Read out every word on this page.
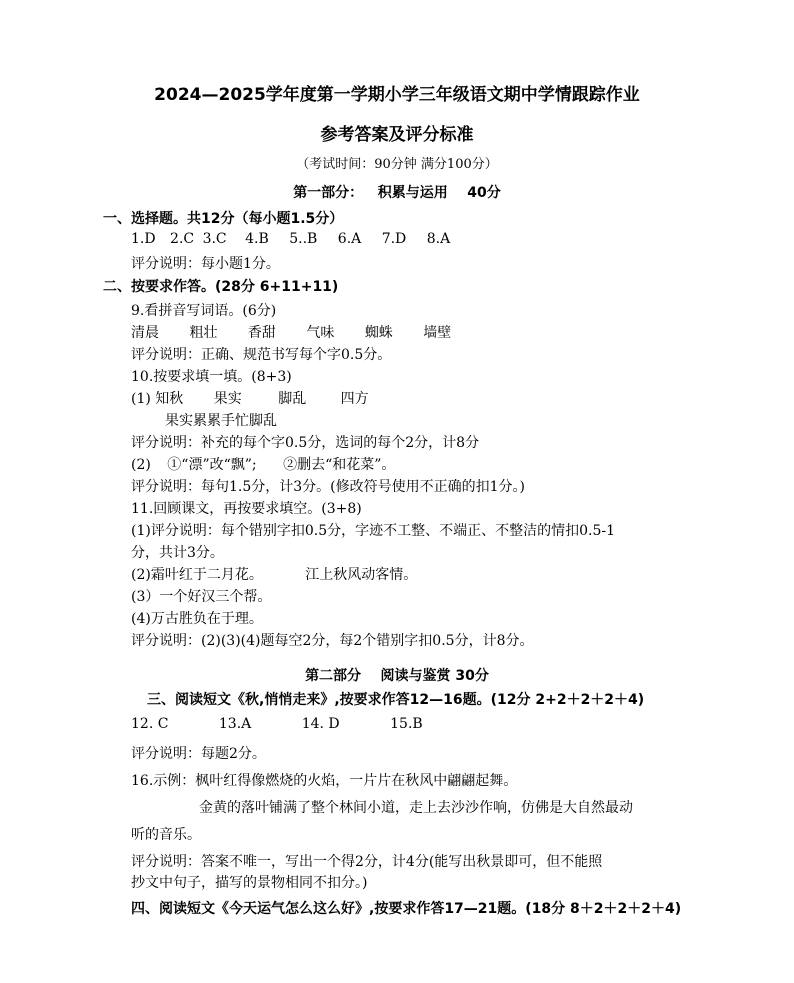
2024—2025学年度第一学期小学三年级语文期中学情跟踪作业
参考答案及评分标准
（考试时间：90分钟 满分100分）
第一部分：   积累与运用    40分
一、选择题。共12分（每小题1.5分）
1.D 2.C 3.C 4.B 5..B 6.A 7.D 8.A
评分说明：每小题1分。
二、按要求作答。(28分 6+11+11)
9.看拼音写词语。(6分)
清晨 粗壮 香甜 气味 蜘蛛 墙壁
评分说明：正确、规范书写每个字0.5分。
10.按要求填一填。(8+3)
(1) 知秋 果实	脚乱 四方
果实累累手忙脚乱
评分说明：补充的每个字0.5分，选词的每个2分，计8分
(2) ①“漂”改“飘”; ②删去“和花菜”。
评分说明：每句1.5分，计3分。(修改符号使用不正确的扣1分。)
11.回顾课文，再按要求填空。(3+8)
(1)评分说明：每个错别字扣0.5分，字迹不工整、不端正、不整洁的情扣0.5-1
分，共计3分。
(2)霜叶红于二月花。	江上秋风动客情。
(3）一个好汉三个帮。
(4)万古胜负在于理。
评分说明：(2)(3)(4)题每空2分，每2个错别字扣0.5分，计8分。
第二部分    阅读与鉴赏 30分
三、阅读短文《秋,悄悄走来》,按要求作答12—16题。(12分 2+2＋2＋2＋4)
12. C	13.A	14. D	15.B
评分说明：每题2分。
16.示例：枫叶红得像燃烧的火焰，一片片在秋风中翩翩起舞。
金黄的落叶铺满了整个林间小道，走上去沙沙作响，仿佛是大自然最动
听的音乐。
评分说明：答案不唯一，写出一个得2分，计4分(能写出秋景即可，但不能照
抄文中句子，描写的景物相同不扣分。)
四、阅读短文《今天运气怎么这么好》,按要求作答17—21题。(18分 8＋2＋2＋2＋4)
